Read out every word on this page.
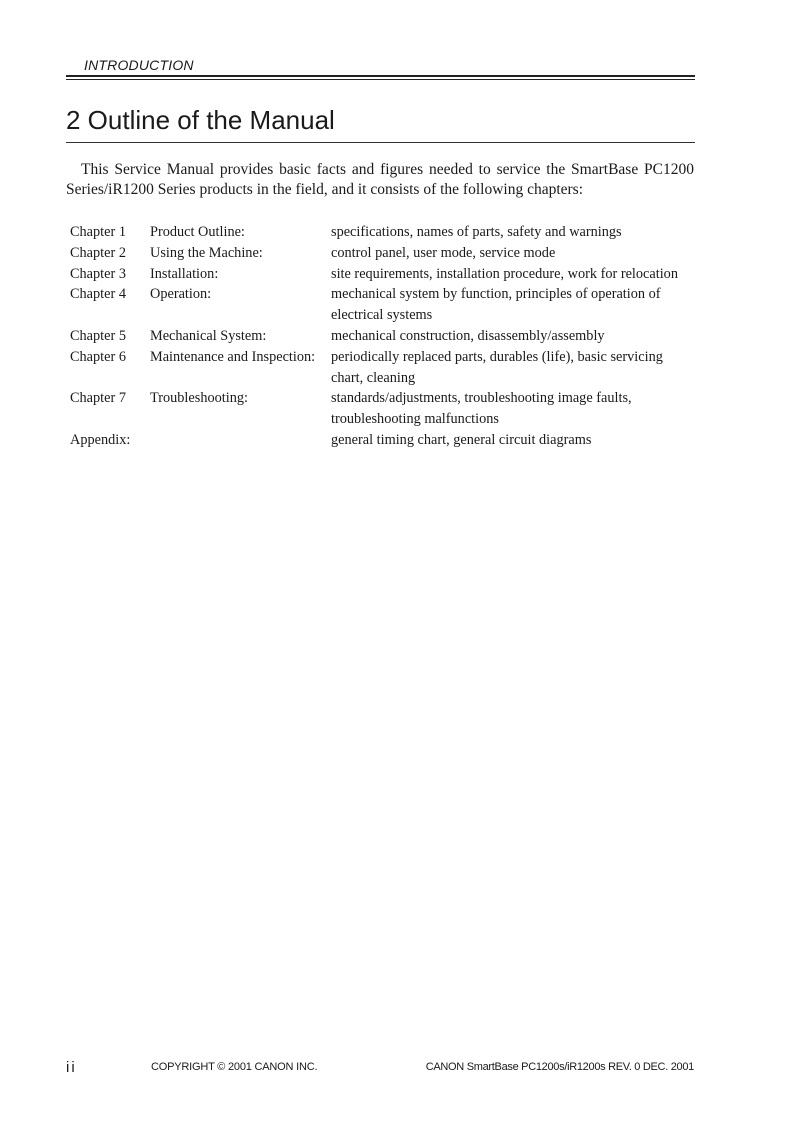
INTRODUCTION
2 Outline of the Manual

This Service Manual provides basic facts and figures needed to service the SmartBase PC1200 Series/iR1200 Series products in the field, and it consists of the following chapters:

Chapter 1	Product Outline:	specifications, names of parts, safety and warnings
Chapter 2	Using the Machine:	control panel, user mode, service mode
Chapter 3	Installation:	site requirements, installation procedure, work for relocation
Chapter 4	Operation:	mechanical system by function, principles of operation of electrical systems
Chapter 5	Mechanical System:	mechanical construction, disassembly/assembly
Chapter 6	Maintenance and Inspection:	periodically replaced parts, durables (life), basic servicing chart, cleaning
Chapter 7	Troubleshooting:	standards/adjustments, troubleshooting image faults, troubleshooting malfunctions
Appendix:		general timing chart, general circuit diagrams
ii	COPYRIGHT © 2001 CANON INC.	CANON SmartBase PC1200s/iR1200s REV. 0 DEC. 2001
